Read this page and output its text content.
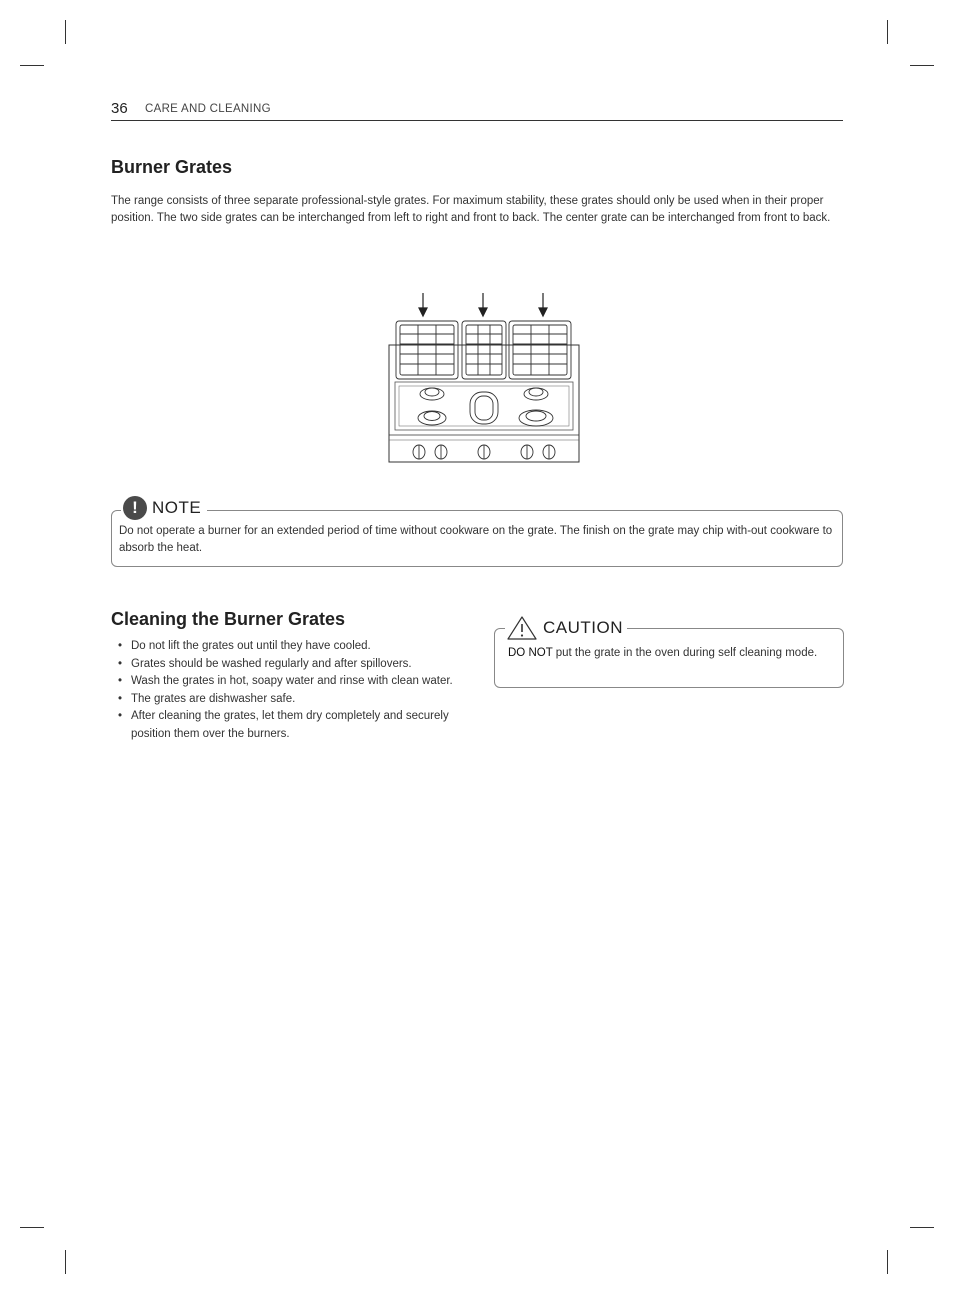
36 CARE AND CLEANING
Burner Grates

The range consists of three separate professional-style grates. For maximum stability, these grates should only be used when in their proper position. The two side grates can be interchanged from left to right and front to back. The center grate can be interchanged from front to back.

! NOTE

Do not operate a burner for an extended period of time without cookware on the grate. The finish on the grate may chip with-out cookware to absorb the heat.

Cleaning the Burner Grates
• Do not lift the grates out until they have cooled.
• Grates should be washed regularly and after spillovers.
• Wash the grates in hot, soapy water and rinse with clean water.
• The grates are dishwasher safe.
• After cleaning the grates, let them dry completely and securely position them over the burners.
CAUTION

DO NOT put the grate in the oven during self cleaning mode.
